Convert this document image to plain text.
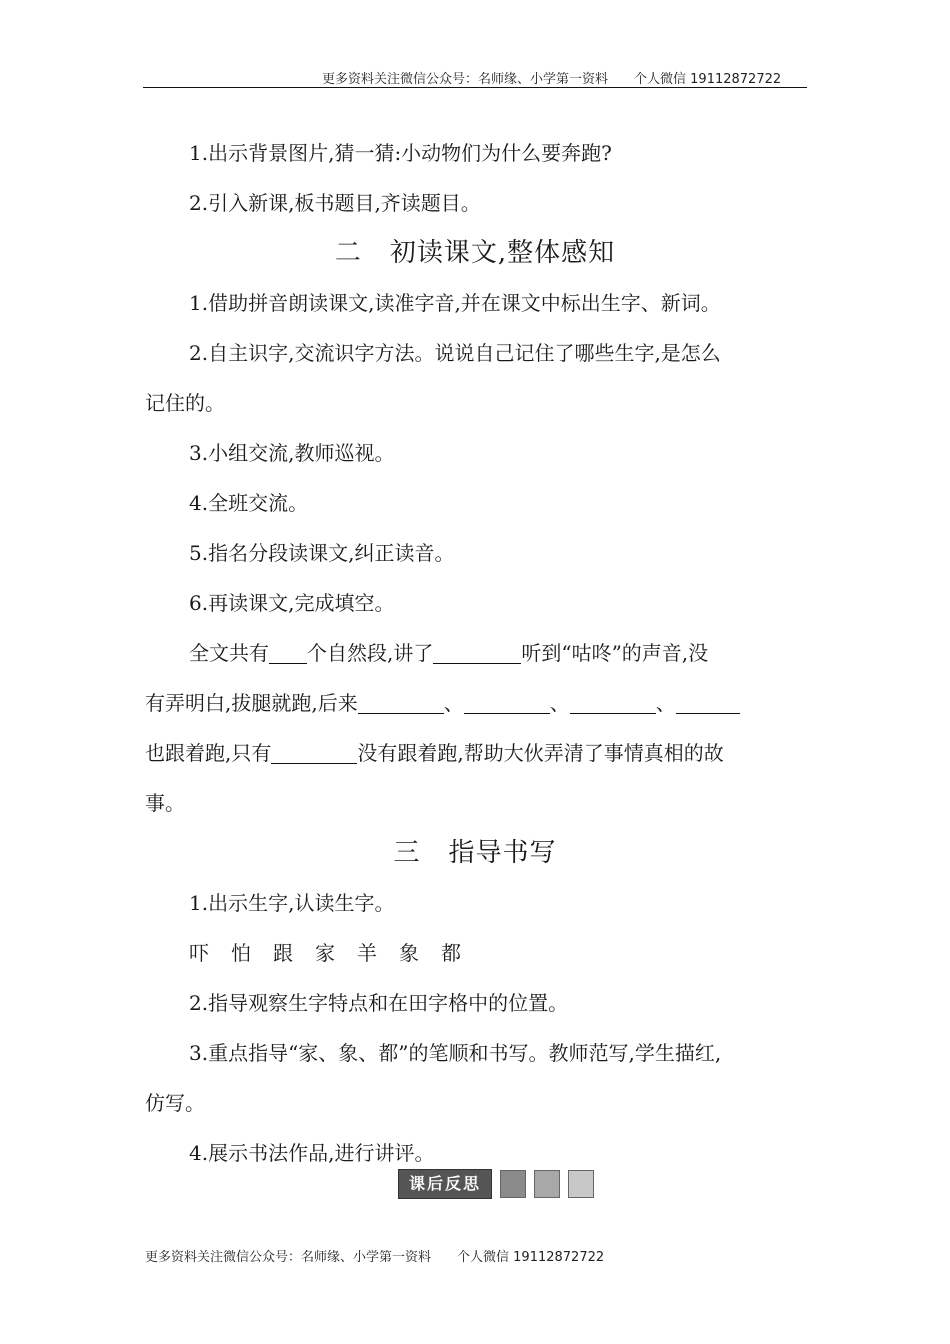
更多资料关注微信公众号：名师缘、小学第一资料 个人微信 19112872722

1.出示背景图片,猜一猜:小动物们为什么要奔跑?

2.引入新课,板书题目,齐读题目。

二 初读课文,整体感知

1.借助拼音朗读课文,读准字音,并在课文中标出生字、新词。

2.自主识字,交流识字方法。说说自己记住了哪些生字,是怎么

记住的。

3.小组交流,教师巡视。

4.全班交流。

5.指名分段读课文,纠正读音。

6.再读课文,完成填空。

全文共有 个自然段,讲了	听到“咕咚”的声音,没

有弄明白,拔腿就跑,后来	、	、	、

也跟着跑,只有	没有跟着跑,帮助大伙弄清了事情真相的故

事。

三 指导书写

1.出示生字,认读生字。

吓 怕 跟 家 羊 象 都

2.指导观察生字特点和在田字格中的位置。

3.重点指导“家、象、都”的笔顺和书写。教师范写,学生描红,

仿写。

4.展示书法作品,进行讲评。

课后反思
更多资料关注微信公众号：名师缘、小学第一资料 个人微信 19112872722
